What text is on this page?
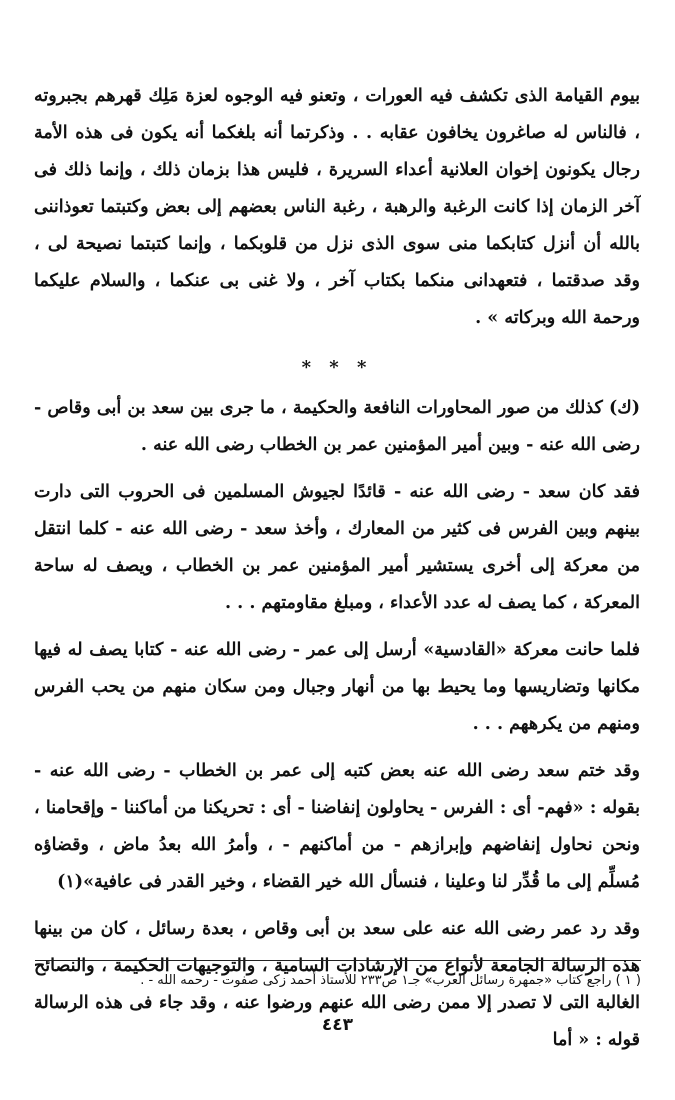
بيوم القيامة الذى تكشف فيه العورات ، وتعنو فيه الوجوه لعزة مَلِك قهرهم بجبروته ، فالناس له صاغرون يخافون عقابه . . وذكرتما أنه بلغكما أنه يكون فى هذه الأمة رجال يكونون إخوان العلانية أعداء السريرة ، فليس هذا بزمان ذلك ، وإنما ذلك فى آخر الزمان إذا كانت الرغبة والرهبة ، رغبة الناس بعضهم إلى بعض وكتبتما تعوذاننى بالله أن أنزل كتابكما منى سوى الذى نزل من قلوبكما ، وإنما كتبتما نصيحة لى ، وقد صدقتما ، فتعهدانى منكما بكتاب آخر ، ولا غنى بى عنكما ، والسلام عليكما ورحمة الله وبركاته » .

* * *

(ك) كذلك من صور المحاورات النافعة والحكيمة ، ما جرى بين سعد بن أبى وقاص - رضى الله عنه - وبين أمير المؤمنين عمر بن الخطاب رضى الله عنه .

فقد كان سعد - رضى الله عنه - قائدًا لجيوش المسلمين فى الحروب التى دارت بينهم وبين الفرس فى كثير من المعارك ، وأخذ سعد - رضى الله عنه - كلما انتقل من معركة إلى أخرى يستشير أمير المؤمنين عمر بن الخطاب ، ويصف له ساحة المعركة ، كما يصف له عدد الأعداء ، ومبلغ مقاومتهم . . .

فلما حانت معركة «القادسية» أرسل إلى عمر - رضى الله عنه - كتابا يصف له فيها مكانها وتضاريسها وما يحيط بها من أنهار وجبال ومن سكان منهم من يحب الفرس ومنهم من يكرههم . . .

وقد ختم سعد رضى الله عنه بعض كتبه إلى عمر بن الخطاب - رضى الله عنه - بقوله : «فهم- أى : الفرس - يحاولون إنفاضنا - أى : تحريكنا من أماكننا - وإقحامنا ، ونحن نحاول إنفاضهم وإبرازهم - من أماكنهم - ، وأمرُ الله بعدُ ماض ، وقضاؤه مُسلِّم إلى ما قُدِّر لنا وعلينا ، فنسأل الله خير القضاء ، وخير القدر فى عافية»(١)

وقد رد عمر رضى الله عنه على سعد بن أبى وقاص ، بعدة رسائل ، كان من بينها هذه الرسالة الجامعة لأنواع من الإرشادات السامية ، والتوجيهات الحكيمة ، والنصائح الغالبة التى لا تصدر إلا ممن رضى الله عنهم ورضوا عنه ، وقد جاء فى هذه الرسالة قوله : « أما

( ١ ) راجع كتاب «جمهرة رسائل العرب» جـ١ ص٢٣٣ للأستاذ أحمد زكى صفوت - رحمه الله - .
٤٤٣
